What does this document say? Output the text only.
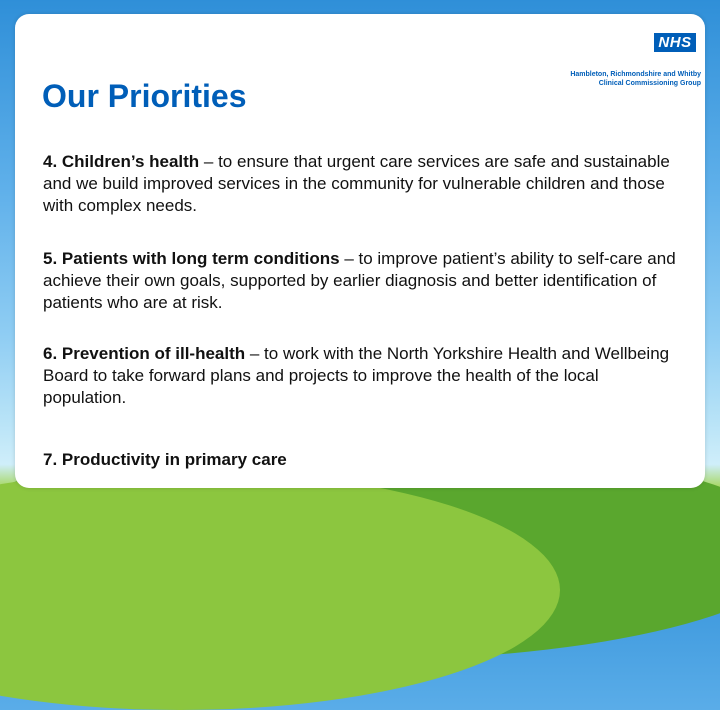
NHS
Hambleton, Richmondshire and Whitby
Clinical Commissioning Group
Our Priorities

4. Children’s health – to ensure that urgent care services are safe and sustainable and we build improved services in the community for vulnerable children and those with complex needs.

5. Patients with long term conditions – to improve patient’s ability to self-care and achieve their own goals, supported by earlier diagnosis and better identification of patients who are at risk.

6. Prevention of ill-health – to work with the North Yorkshire Health and Wellbeing Board to take forward plans and projects to improve the health of the local population.

7. Productivity in primary care
